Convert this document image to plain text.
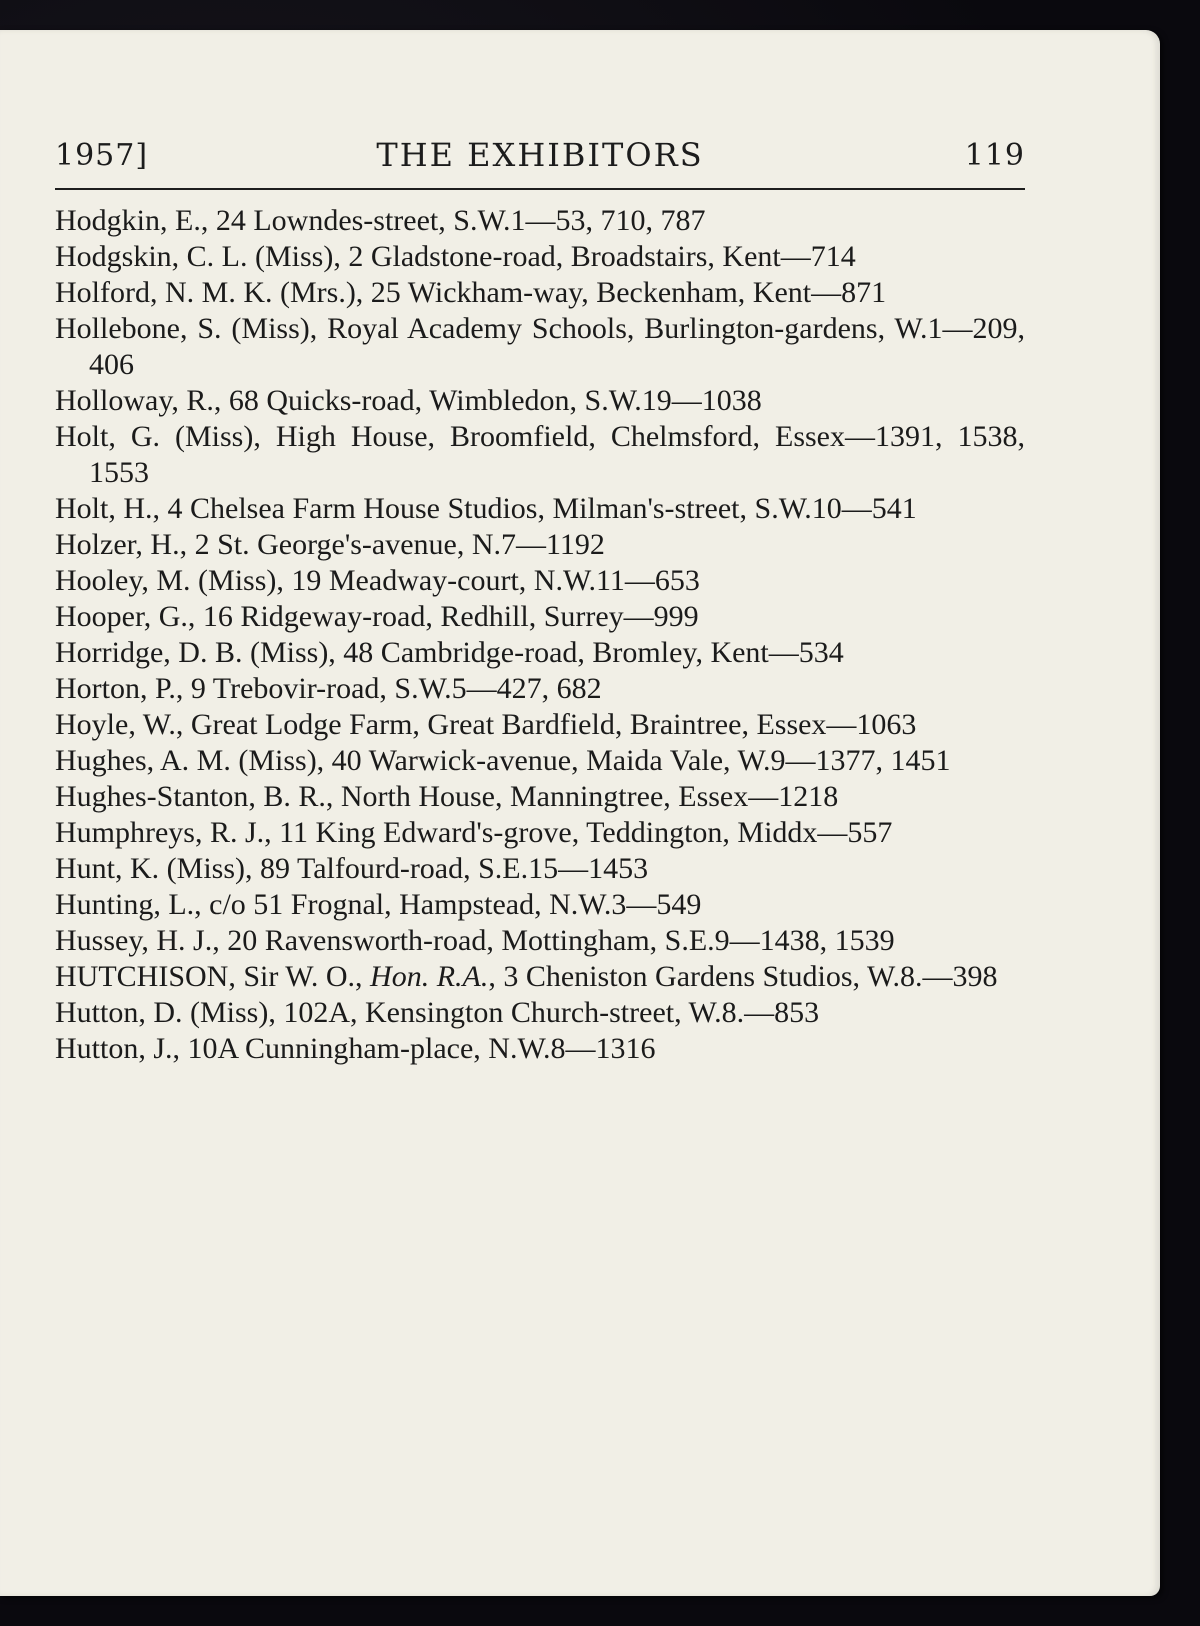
1957]	THE EXHIBITORS	119

Hodgkin, E., 24 Lowndes-street, S.W.1—53, 710, 787

Hodgskin, C. L. (Miss), 2 Gladstone-road, Broadstairs, Kent—714

Holford, N. M. K. (Mrs.), 25 Wickham-way, Beckenham, Kent—871

Hollebone, S. (Miss), Royal Academy Schools, Burlington-gardens, W.1—209, 406

Holloway, R., 68 Quicks-road, Wimbledon, S.W.19—1038

Holt, G. (Miss), High House, Broomfield, Chelmsford, Essex—1391, 1538, 1553

Holt, H., 4 Chelsea Farm House Studios, Milman's-street, S.W.10—541

Holzer, H., 2 St. George's-avenue, N.7—1192

Hooley, M. (Miss), 19 Meadway-court, N.W.11—653

Hooper, G., 16 Ridgeway-road, Redhill, Surrey—999

Horridge, D. B. (Miss), 48 Cambridge-road, Bromley, Kent—534

Horton, P., 9 Trebovir-road, S.W.5—427, 682

Hoyle, W., Great Lodge Farm, Great Bardfield, Braintree, Essex—1063

Hughes, A. M. (Miss), 40 Warwick-avenue, Maida Vale, W.9—1377, 1451

Hughes-Stanton, B. R., North House, Manningtree, Essex—1218

Humphreys, R. J., 11 King Edward's-grove, Teddington, Middx—557

Hunt, K. (Miss), 89 Talfourd-road, S.E.15—1453

Hunting, L., c/o 51 Frognal, Hampstead, N.W.3—549

Hussey, H. J., 20 Ravensworth-road, Mottingham, S.E.9—1438, 1539

HUTCHISON, Sir W. O., Hon. R.A., 3 Cheniston Gardens Studios, W.8.—398

Hutton, D. (Miss), 102A, Kensington Church-street, W.8.—853

Hutton, J., 10A Cunningham-place, N.W.8—1316
